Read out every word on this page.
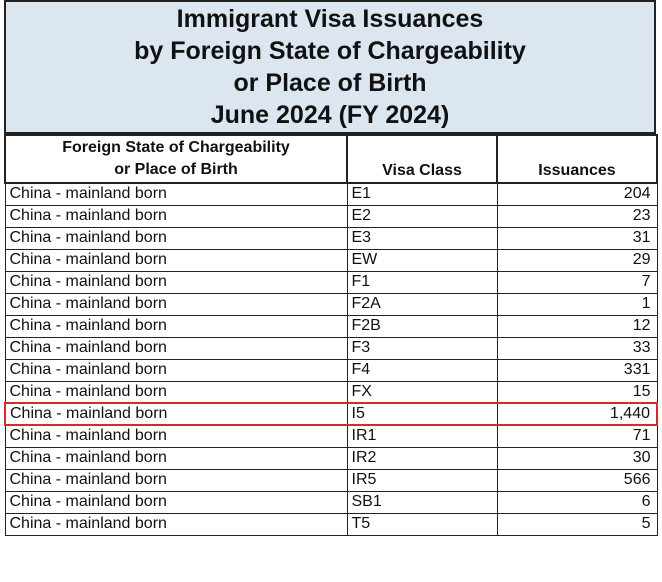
Immigrant Visa Issuances
by Foreign State of Chargeability
or Place of Birth
June 2024 (FY 2024)
Foreign State of Chargeability
or Place of Birth	Visa Class	Issuances
China - mainland born	E1	204
China - mainland born	E2	23
China - mainland born	E3	31
China - mainland born	EW	29
China - mainland born	F1	7
China - mainland born	F2A	1
China - mainland born	F2B	12
China - mainland born	F3	33
China - mainland born	F4	331
China - mainland born	FX	15
China - mainland born	I5	1,440
China - mainland born	IR1	71
China - mainland born	IR2	30
China - mainland born	IR5	566
China - mainland born	SB1	6
China - mainland born	T5	5
